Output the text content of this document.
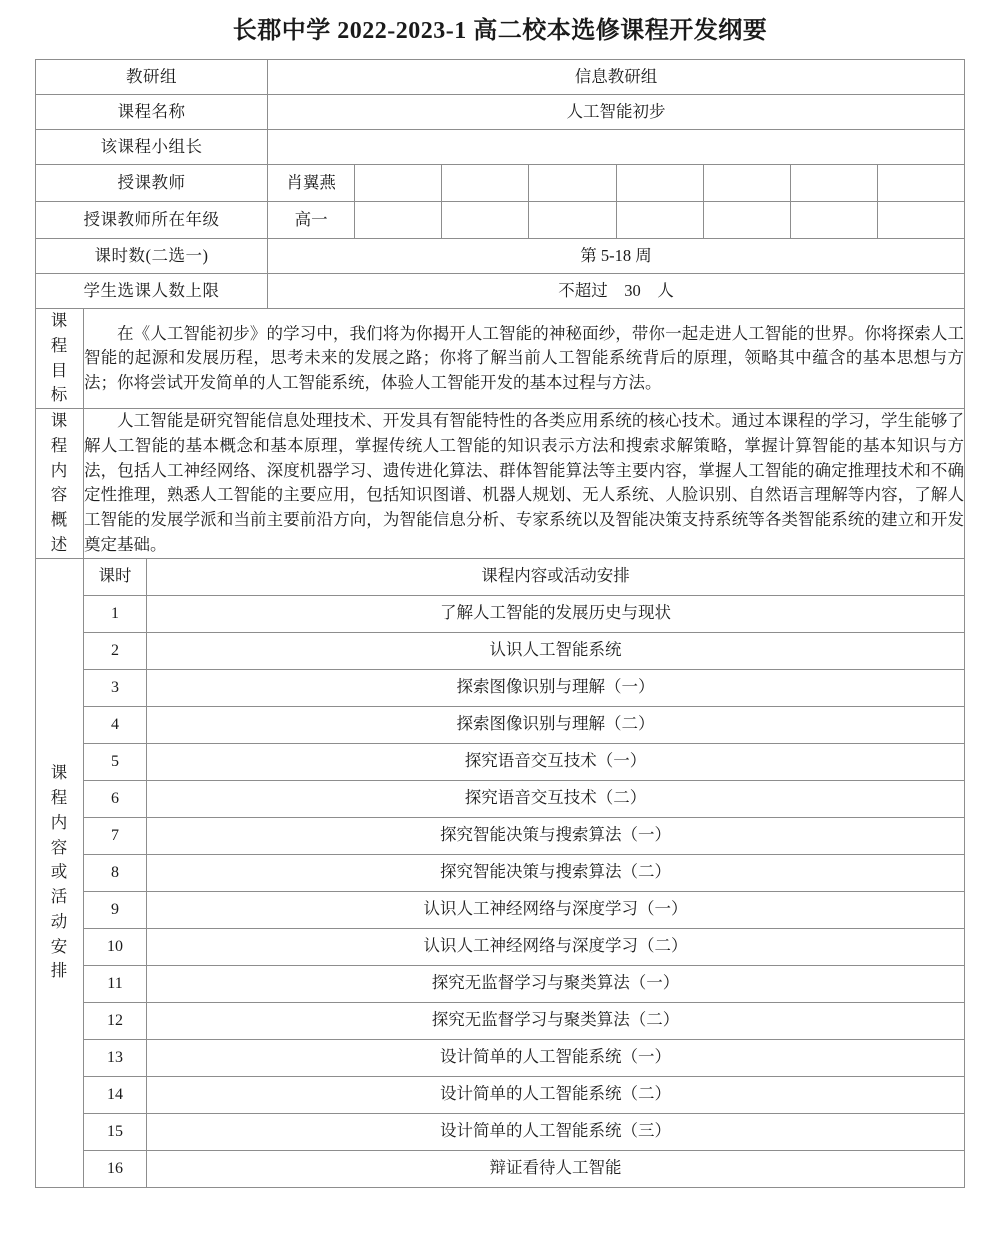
长郡中学 2022-2023-1 高二校本选修课程开发纲要
教研组	信息教研组
课程名称	人工智能初步
该课程小组长	
授课教师		肖翼燕							

授课教师所在年级		高一							

课时数(二选一)	第 5-18 周
学生选课人数上限	不超过　30　人

课
程
目
标
	在《人工智能初步》的学习中，我们将为你揭开人工智能的神秘面纱，带你一起走进人工智能的世界。你将探索人工智能的起源和发展历程，思考未来的发展之路；你将了解当前人工智能系统背后的原理，领略其中蕴含的基本思想与方法；你将尝试开发简单的人工智能系统，体验人工智能开发的基本过程与方法。

课
程
内
容
概
述
	人工智能是研究智能信息处理技术、开发具有智能特性的各类应用系统的核心技术。通过本课程的学习，学生能够了解人工智能的基本概念和基本原理，掌握传统人工智能的知识表示方法和搜索求解策略，掌握计算智能的基本知识与方法，包括人工神经网络、深度机器学习、遗传进化算法、群体智能算法等主要内容，掌握人工智能的确定推理技术和不确定性推理，熟悉人工智能的主要应用，包括知识图谱、机器人规划、无人系统、人脸识别、自然语言理解等内容，了解人工智能的发展学派和当前主要前沿方向，为智能信息分析、专家系统以及智能决策支持系统等各类智能系统的建立和开发奠定基础。

课
程
内
容
或
活
动
安
排

课时	课程内容或活动安排
1	了解人工智能的发展历史与现状
2	认识人工智能系统
3	探索图像识别与理解（一）
4	探索图像识别与理解（二）
5	探究语音交互技术（一）
6	探究语音交互技术（二）
7	探究智能决策与搜索算法（一）
8	探究智能决策与搜索算法（二）
9	认识人工神经网络与深度学习（一）
10	认识人工神经网络与深度学习（二）
11	探究无监督学习与聚类算法（一）
12	探究无监督学习与聚类算法（二）
13	设计简单的人工智能系统（一）
14	设计简单的人工智能系统（二）
15	设计简单的人工智能系统（三）
16	辩证看待人工智能
